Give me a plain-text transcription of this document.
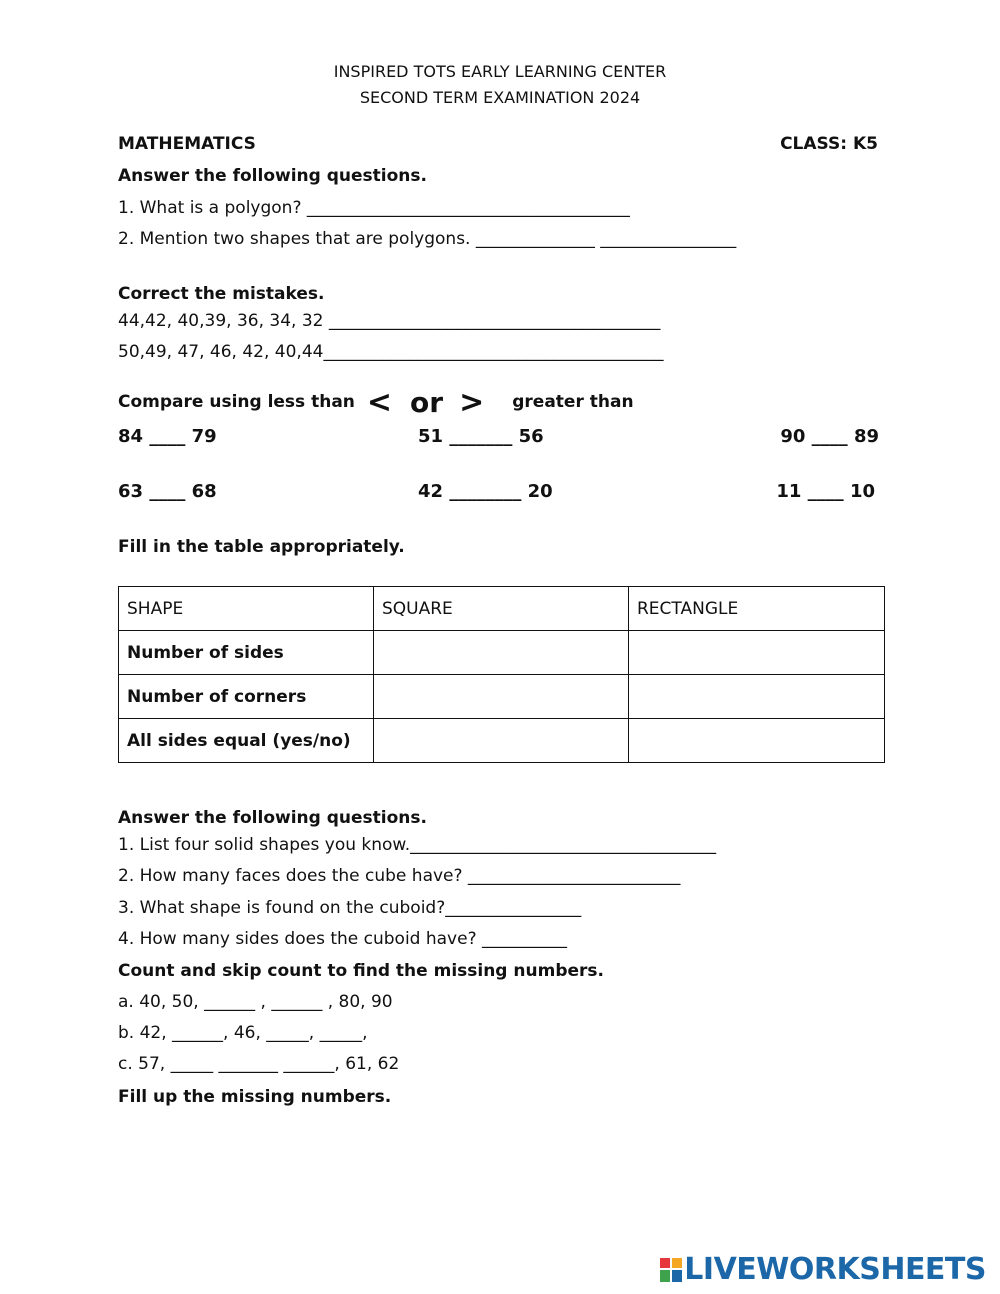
INSPIRED TOTS EARLY LEARNING CENTER
SECOND TERM EXAMINATION 2024
MATHEMATICS	CLASS: K5
Answer the following questions.
1. What is a polygon? ______________________________________
2. Mention two shapes that are polygons. ______________ ________________
Correct the mistakes.
44,42, 40,39, 36, 34, 32 _______________________________________
50,49, 47, 46, 42, 40,44________________________________________
Compare using less than < or > greater than
84 ____ 79	51 _______ 56	90 ____ 89
63 ____ 68	42 ________ 20	11 ____ 10
Fill in the table appropriately.
SHAPE	SQUARE	RECTANGLE
Number of sides		
Number of corners		
All sides equal (yes/no)		
Answer the following questions.
1. List four solid shapes you know.____________________________________
2. How many faces does the cube have? _________________________
3. What shape is found on the cuboid?________________
4. How many sides does the cuboid have? __________
Count and skip count to find the missing numbers.
a. 40, 50, ______ , ______ , 80, 90
b. 42, ______, 46, _____, _____,
c. 57, _____ _______ ______, 61, 62
Fill up the missing numbers.
LIVEWORKSHEETS
